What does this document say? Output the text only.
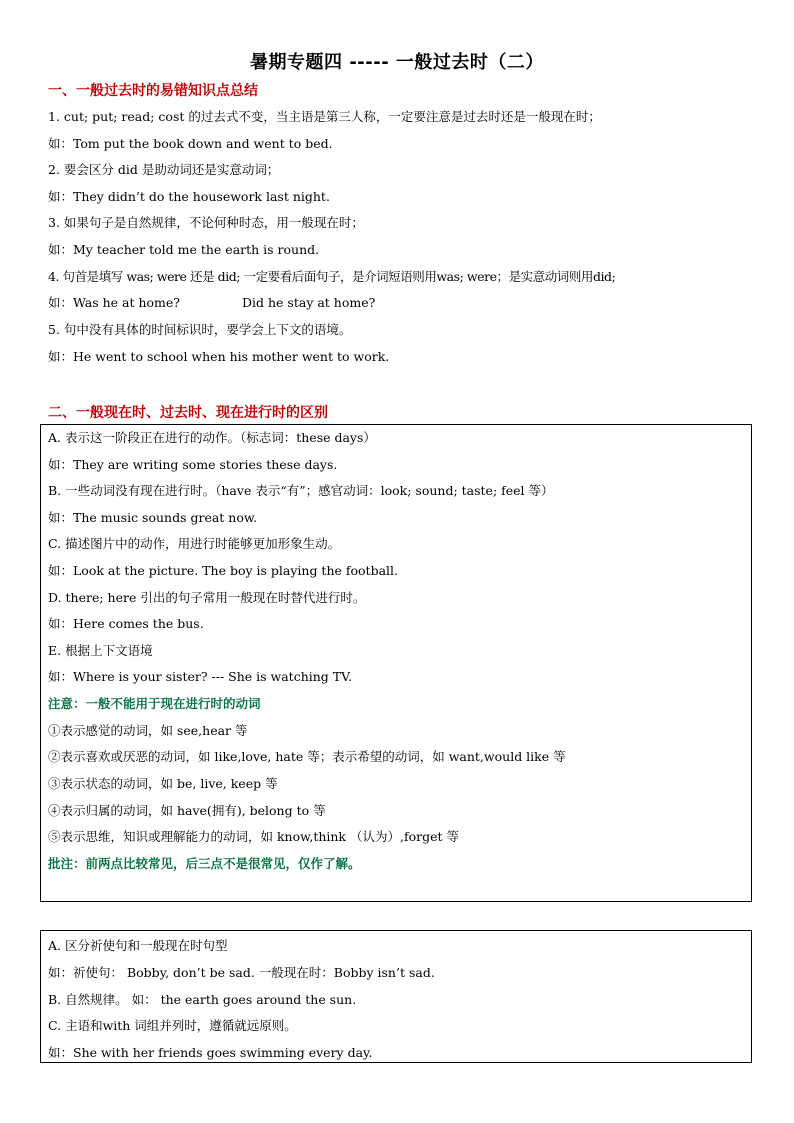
暑期专题四 ----- 一般过去时（二）
一、一般过去时的易错知识点总结
1. cut; put; read; cost 的过去式不变，当主语是第三人称，一定要注意是过去时还是一般现在时；
如：Tom put the book down and went to bed.
2. 要会区分 did 是助动词还是实意动词；
如：They didn’t do the housework last night.
3. 如果句子是自然规律，不论何种时态，用一般现在时；
如：My teacher told me the earth is round.
4. 句首是填写 was; were 还是 did; 一定要看后面句子，是介词短语则用was; were；是实意动词则用did;
如：Was he at home?	Did he stay at home?
5. 句中没有具体的时间标识时，要学会上下文的语境。
如：He went to school when his mother went to work.
二、一般现在时、过去时、现在进行时的区别
A. 表示这一阶段正在进行的动作。（标志词：these days）
如：They are writing some stories these days.
B. 一些动词没有现在进行时。（have 表示“有”；感官动词：look; sound; taste; feel 等）
如：The music sounds great now.
C. 描述图片中的动作，用进行时能够更加形象生动。
如：Look at the picture. The boy is playing the football.
D. there; here 引出的句子常用一般现在时替代进行时。
如：Here comes the bus.
E. 根据上下文语境
如：Where is your sister? --- She is watching TV.
注意：一般不能用于现在进行时的动词
①表示感觉的动词，如 see,hear 等
②表示喜欢或厌恶的动词，如 like,love, hate 等；表示希望的动词，如 want,would like 等
③表示状态的动词，如 be, live, keep 等
④表示归属的动词，如 have(拥有), belong to 等
⑤表示思维，知识或理解能力的动词，如 know,think （认为）,forget 等
批注：前两点比较常见，后三点不是很常见，仅作了解。
A. 区分祈使句和一般现在时句型
如：祈使句： Bobby, don’t be sad. 一般现在时：Bobby isn’t sad.
B. 自然规律。 如： the earth goes around the sun.
C. 主语和with 词组并列时，遵循就远原则。
如：She with her friends goes swimming every day.
